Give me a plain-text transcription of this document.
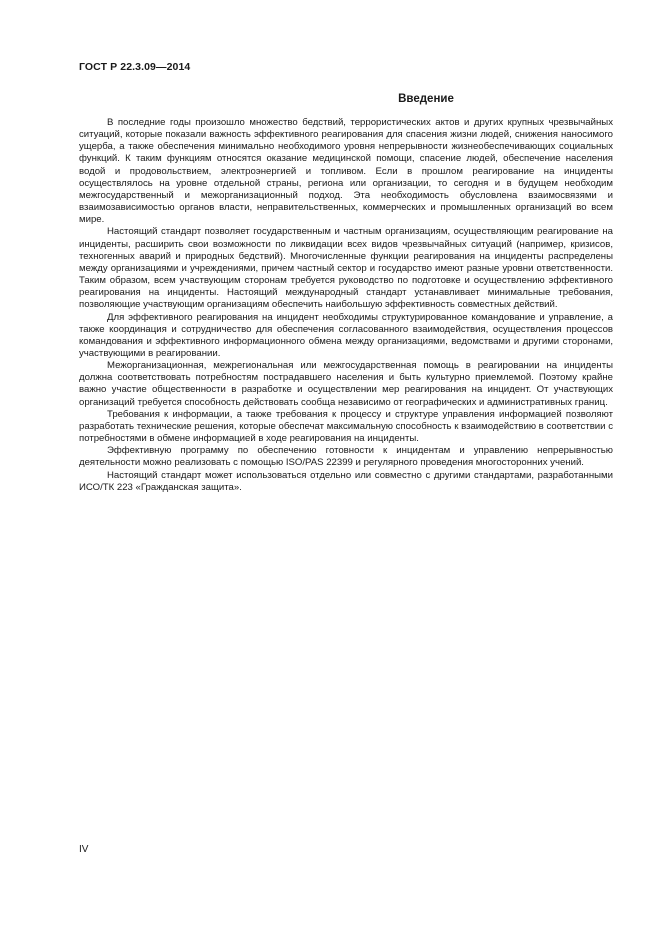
ГОСТ Р 22.3.09—2014
Введение

В последние годы произошло множество бедствий, террористических актов и других крупных чрезвычайных ситуаций, которые показали важность эффективного реагирования для спасения жизни людей, снижения наносимого ущерба, а также обеспечения минимально необходимого уровня непрерывности жизнеобеспечивающих социальных функций. К таким функциям относятся оказание медицинской помощи, спасение людей, обеспечение населения водой и продовольствием, электроэнергией и топливом. Если в прошлом реагирование на инциденты осуществлялось на уровне отдельной страны, региона или организации, то сегодня и в будущем необходим межгосударственный и межорганизационный подход. Эта необходимость обусловлена взаимосвязями и взаимозависимостью органов власти, неправительственных, коммерческих и промышленных организаций во всем мире.

Настоящий стандарт позволяет государственным и частным организациям, осуществляющим реагирование на инциденты, расширить свои возможности по ликвидации всех видов чрезвычайных ситуаций (например, кризисов, техногенных аварий и природных бедствий). Многочисленные функции реагирования на инциденты распределены между организациями и учреждениями, причем частный сектор и государство имеют разные уровни ответственности. Таким образом, всем участвующим сторонам требуется руководство по подготовке и осуществлению эффективного реагирования на инциденты. Настоящий международный стандарт устанавливает минимальные требования, позволяющие участвующим организациям обеспечить наибольшую эффективность совместных действий.

Для эффективного реагирования на инцидент необходимы структурированное командование и управление, а также координация и сотрудничество для обеспечения согласованного взаимодействия, осуществления процессов командования и эффективного информационного обмена между организациями, ведомствами и другими сторонами, участвующими в реагировании.

Межорганизационная, межрегиональная или межгосударственная помощь в реагировании на инциденты должна соответствовать потребностям пострадавшего населения и быть культурно приемлемой. Поэтому крайне важно участие общественности в разработке и осуществлении мер реагирования на инцидент. От участвующих организаций требуется способность действовать сообща независимо от географических и административных границ.

Требования к информации, а также требования к процессу и структуре управления информацией позволяют разработать технические решения, которые обеспечат максимальную способность к взаимодействию в соответствии с потребностями в обмене информацией в ходе реагирования на инциденты.

Эффективную программу по обеспечению готовности к инцидентам и управлению непрерывностью деятельности можно реализовать с помощью ISO/PAS 22399 и регулярного проведения многосторонних учений.

Настоящий стандарт может использоваться отдельно или совместно с другими стандартами, разработанными ИСО/ТК 223 «Гражданская защита».

IV
